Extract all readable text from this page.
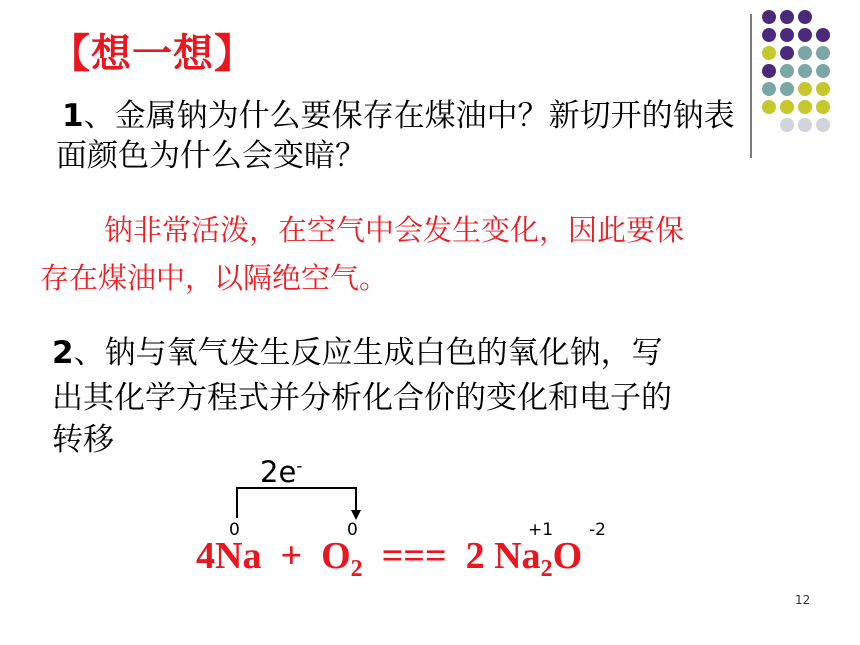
【想一想】
1、金属钠为什么要保存在煤油中？新切开的钠表
面颜色为什么会变暗？
钠非常活泼，在空气中会发生变化，因此要保
存在煤油中，以隔绝空气。
2、钠与氧气发生反应生成白色的氧化钠，写
出其化学方程式并分析化合价的变化和电子的
转移
2e-
0	0	+1 -2
$4Na + O_2$  ===  2 $Na_2O$
12
